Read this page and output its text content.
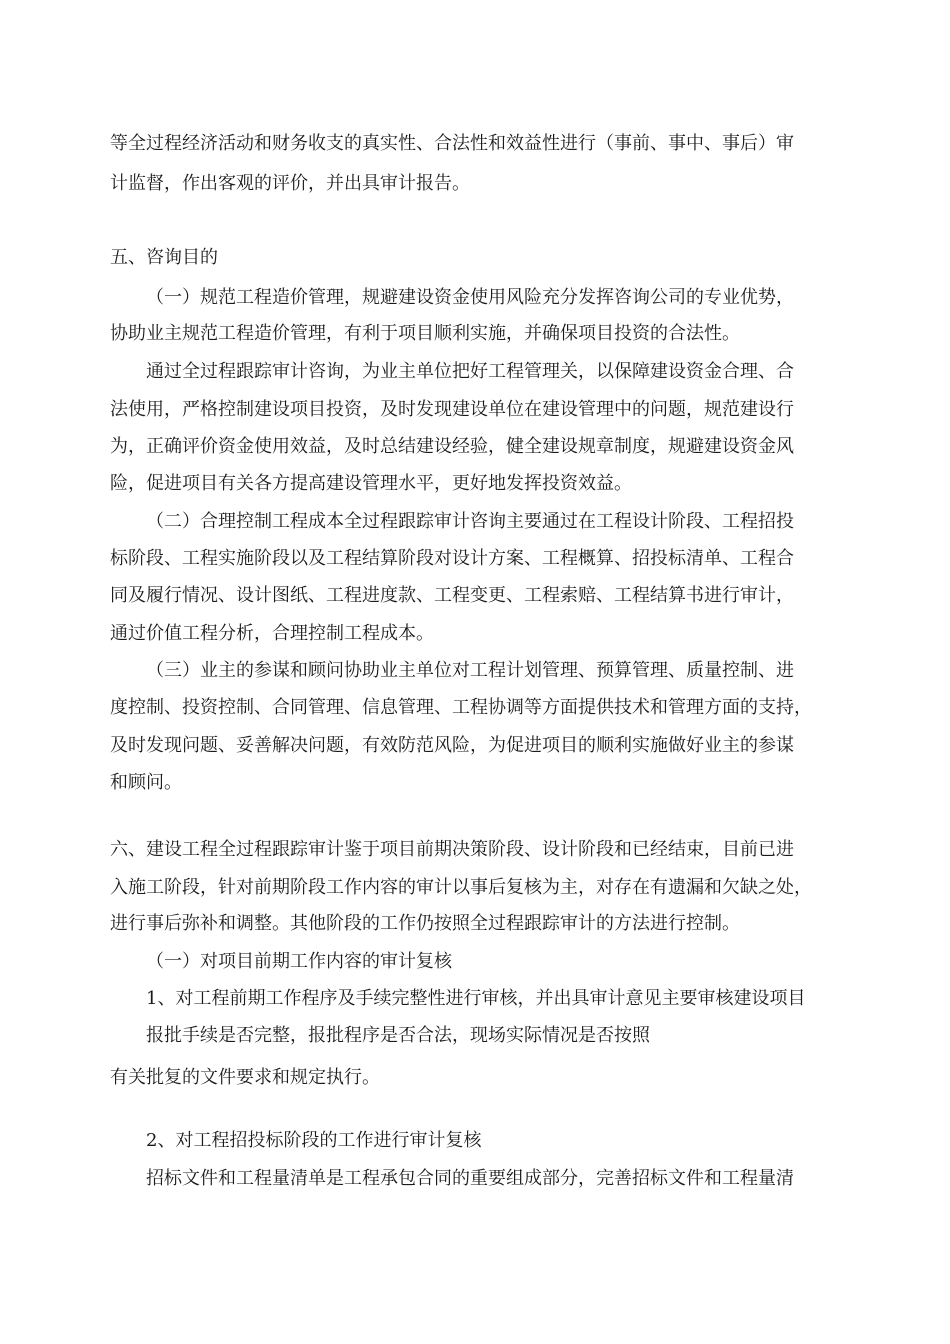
等全过程经济活动和财务收支的真实性、合法性和效益性进行（事前、事中、事后）审

计监督，作出客观的评价，并出具审计报告。

五、咨询目的

（一）规范工程造价管理，规避建设资金使用风险充分发挥咨询公司的专业优势，

协助业主规范工程造价管理，有利于项目顺利实施，并确保项目投资的合法性。

通过全过程跟踪审计咨询，为业主单位把好工程管理关，以保障建设资金合理、合

法使用，严格控制建设项目投资，及时发现建设单位在建设管理中的问题，规范建设行

为，正确评价资金使用效益，及时总结建设经验，健全建设规章制度，规避建设资金风

险，促进项目有关各方提高建设管理水平，更好地发挥投资效益。

（二）合理控制工程成本全过程跟踪审计咨询主要通过在工程设计阶段、工程招投

标阶段、工程实施阶段以及工程结算阶段对设计方案、工程概算、招投标清单、工程合

同及履行情况、设计图纸、工程进度款、工程变更、工程索赔、工程结算书进行审计，

通过价值工程分析，合理控制工程成本。

（三）业主的参谋和顾问协助业主单位对工程计划管理、预算管理、质量控制、进

度控制、投资控制、合同管理、信息管理、工程协调等方面提供技术和管理方面的支持，

及时发现问题、妥善解决问题，有效防范风险，为促进项目的顺利实施做好业主的参谋

和顾问。

六、建设工程全过程跟踪审计鉴于项目前期决策阶段、设计阶段和已经结束，目前已进

入施工阶段，针对前期阶段工作内容的审计以事后复核为主，对存在有遗漏和欠缺之处，

进行事后弥补和调整。其他阶段的工作仍按照全过程跟踪审计的方法进行控制。

（一）对项目前期工作内容的审计复核

1、对工程前期工作程序及手续完整性进行审核，并出具审计意见主要审核建设项目

报批手续是否完整，报批程序是否合法，现场实际情况是否按照

有关批复的文件要求和规定执行。

2、对工程招投标阶段的工作进行审计复核

招标文件和工程量清单是工程承包合同的重要组成部分，完善招标文件和工程量清
